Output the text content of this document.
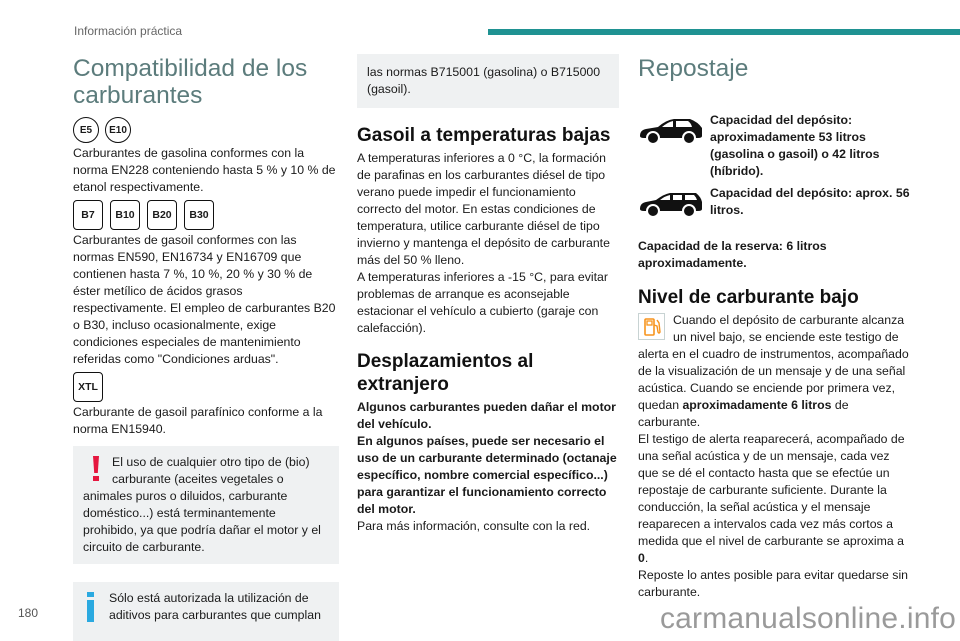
Información práctica
Compatibilidad de los carburantes
E5	E10

Carburantes de gasolina conformes con la norma EN228 conteniendo hasta 5 % y 10 % de etanol respectivamente.

B7	B10	B20	B30

Carburantes de gasoil conformes con las normas EN590, EN16734 y EN16709 que contienen hasta 7 %, 10 %, 20 % y 30 % de éster metílico de ácidos grasos respectivamente. El empleo de carburantes B20 o B30, incluso ocasionalmente, exige condiciones especiales de mantenimiento referidas como "Condiciones arduas".

XTL

Carburante de gasoil parafínico conforme a la norma EN15940.

El uso de cualquier otro tipo de (bio) carburante (aceites vegetales o animales puros o diluidos, carburante doméstico...) está terminantemente prohibido, ya que podría dañar el motor y el circuito de carburante.

Sólo está autorizada la utilización de aditivos para carburantes que cumplan

las normas B715001 (gasolina) o B715000 (gasoil).

Gasoil a temperaturas bajas

A temperaturas inferiores a 0 °C, la formación de parafinas en los carburantes diésel de tipo verano puede impedir el funcionamiento correcto del motor. En estas condiciones de temperatura, utilice carburante diésel de tipo invierno y mantenga el depósito de carburante más del 50 % lleno.

A temperaturas inferiores a -15 °C, para evitar problemas de arranque es aconsejable estacionar el vehículo a cubierto (garaje con calefacción).

Desplazamientos al extranjero

Algunos carburantes pueden dañar el motor del vehículo.

En algunos países, puede ser necesario el uso de un carburante determinado (octanaje específico, nombre comercial específico...) para garantizar el funcionamiento correcto del motor.

Para más información, consulte con la red.

Repostaje
Capacidad del depósito: aproximadamente 53 litros (gasolina o gasoil) o 42 litros (híbrido).
Capacidad del depósito: aprox. 56 litros.

Capacidad de la reserva: 6 litros aproximadamente.

Nivel de carburante bajo

Cuando el depósito de carburante alcanza un nivel bajo, se enciende este testigo de alerta en el cuadro de instrumentos, acompañado de la visualización de un mensaje y de una señal acústica. Cuando se enciende por primera vez, quedan aproximadamente 6 litros de carburante.

El testigo de alerta reaparecerá, acompañado de una señal acústica y de un mensaje, cada vez que se dé el contacto hasta que se efectúe un repostaje de carburante suficiente. Durante la conducción, la señal acústica y el mensaje reaparecen a intervalos cada vez más cortos a medida que el nivel de carburante se aproxima a 0.

Reposte lo antes posible para evitar quedarse sin carburante.

180	carmanualsonline.info
